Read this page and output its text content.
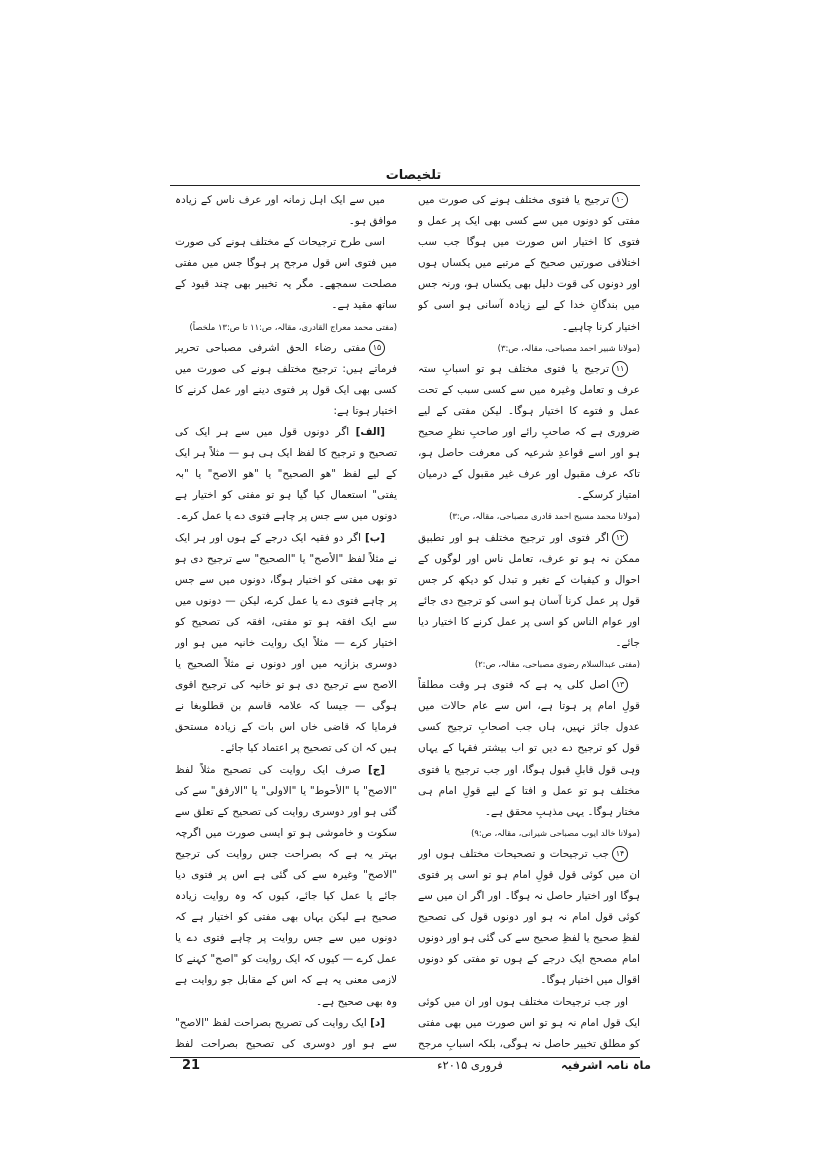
تلخیصات

۱۰ترجیح یا فتوی مختلف ہونے کی صورت میں مفتی کو دونوں میں سے کسی بھی ایک پر عمل و فتوی کا اختیار اس صورت میں ہوگا جب سب اختلافی صورتیں صحیح کے مرتبے میں یکساں ہوں اور دونوں کی قوت دلیل بھی یکساں ہو، ورنہ جس میں بندگانِ خدا کے لیے زیادہ آسانی ہو اسی کو اختیار کرنا چاہیے۔

(مولانا شبیر احمد مصباحی، مقالہ، ص:۳)

۱۱ترجیح یا فتوی مختلف ہو تو اسبابِ ستہ عرف و تعامل وغیرہ میں سے کسی سبب کے تحت عمل و فتوے کا اختیار ہوگا۔ لیکن مفتی کے لیے ضروری ہے کہ صاحبِ رائے اور صاحبِ نظرِ صحیح ہو اور اسے قواعدِ شرعیہ کی معرفت حاصل ہو، تاکہ عرف مقبول اور عرف غیر مقبول کے درمیان امتیاز کرسکے۔

(مولانا محمد مسیح احمد قادری مصباحی، مقالہ، ص:۳)

۱۲اگر فتوی اور ترجیح مختلف ہو اور تطبیق ممکن نہ ہو تو عرف، تعامل ناس اور لوگوں کے احوال و کیفیات کے تغیر و تبدل کو دیکھ کر جس قول پر عمل کرنا آسان ہو اسی کو ترجیح دی جائے اور عوام الناس کو اسی پر عمل کرنے کا اختیار دیا جائے۔

(مفتی عبدالسلام رضوی مصباحی، مقالہ، ص:۲)

۱۳اصل کلی یہ ہے کہ فتوی ہر وقت مطلقاً قولِ امام پر ہوتا ہے، اس سے عام حالات میں عدول جائز نہیں، ہاں جب اصحابِ ترجیح کسی قول کو ترجیح دے دیں تو اب بیشتر فقہا کے یہاں وہی قول قابلِ قبول ہوگا، اور جب ترجیح یا فتوی مختلف ہو تو عمل و افتا کے لیے قولِ امام ہی مختار ہوگا۔ یہی مذہبِ محقق ہے۔

(مولانا خالد ایوب مصباحی شیرانی، مقالہ، ص:۹)

۱۴جب ترجیحات و تصحیحات مختلف ہوں اور ان میں کوئی قول قولِ امام ہو تو اسی پر فتوی ہوگا اور اختیار حاصل نہ ہوگا۔ اور اگر ان میں سے کوئی قول امام نہ ہو اور دونوں قول کی تصحیح لفظِ صحیح یا لفظِ صحیح سے کی گئی ہو اور دونوں امام مصحح ایک درجے کے ہوں تو مفتی کو دونوں اقوال میں اختیار ہوگا۔

اور جب ترجیحات مختلف ہوں اور ان میں کوئی ایک قول امام نہ ہو تو اس صورت میں بھی مفتی کو مطلق تخییر حاصل نہ ہوگی، بلکہ اسبابِ مرجح

میں سے ایک اہل زمانہ اور عرف ناس کے زیادہ موافق ہو۔

اسی طرح ترجیحات کے مختلف ہونے کی صورت میں فتوی اس قول مرجح پر ہوگا جس میں مفتی مصلحت سمجھے۔ مگر یہ تخییر بھی چند قیود کے ساتھ مقید ہے۔

(مفتی محمد معراج القادری، مقالہ، ص:۱۱ تا ص:۱۳ ملخصاً)

۱۵مفتی رضاء الحق اشرفی مصباحی تحریر فرماتے ہیں: ترجیح مختلف ہونے کی صورت میں کسی بھی ایک قول پر فتوی دینے اور عمل کرنے کا اختیار ہوتا ہے:

[الف] اگر دونوں قول میں سے ہر ایک کی تصحیح و ترجیح کا لفظ ایک ہی ہو — مثلاً ہر ایک کے لیے لفظ "ھو الصحیح" یا "ھو الاصح" یا "بہ یفتی" استعمال کیا گیا ہو تو مفتی کو اختیار ہے دونوں میں سے جس پر چاہے فتوی دے یا عمل کرے۔

[ب] اگر دو فقیہ ایک درجے کے ہوں اور ہر ایک نے مثلاً لفظ "الأصح" یا "الصحیح" سے ترجیح دی ہو تو بھی مفتی کو اختیار ہوگا، دونوں میں سے جس پر چاہے فتوی دے یا عمل کرے، لیکن — دونوں میں سے ایک افقہ ہو تو مفتی، افقہ کی تصحیح کو اختیار کرے — مثلاً ایک روایت خانیہ میں ہو اور دوسری بزازیہ میں اور دونوں نے مثلاً الصحیح یا الاصح سے ترجیح دی ہو تو خانیہ کی ترجیح اقوی ہوگی — جیسا کہ علامہ قاسم بن قطلوبغا نے فرمایا کہ قاضی خاں اس بات کے زیادہ مستحق ہیں کہ ان کی تصحیح پر اعتماد کیا جائے۔

[ج] صرف ایک روایت کی تصحیح مثلاً لفظ "الاصح" یا "الأحوط" یا "الاولی" یا "الارفق" سے کی گئی ہو اور دوسری روایت کی تصحیح کے تعلق سے سکوت و خاموشی ہو تو ایسی صورت میں اگرچہ بہتر یہ ہے کہ بصراحت جس روایت کی ترجیح "الاصح" وغیرہ سے کی گئی ہے اس پر فتوی دیا جائے یا عمل کیا جائے، کیوں کہ وہ روایت زیادہ صحیح ہے لیکن یہاں بھی مفتی کو اختیار ہے کہ دونوں میں سے جس روایت پر چاہے فتوی دے یا عمل کرے — کیوں کہ ایک روایت کو "اصح" کہنے کا لازمی معنی یہ ہے کہ اس کے مقابل جو روایت ہے وہ بھی صحیح ہے۔

[د] ایک روایت کی تصریح بصراحت لفظ "الاصح" سے ہو اور دوسری کی تصحیح بصراحت لفظ

ماہ نامہ اشرفیہ
فروری ۲۰۱۵ء
21
